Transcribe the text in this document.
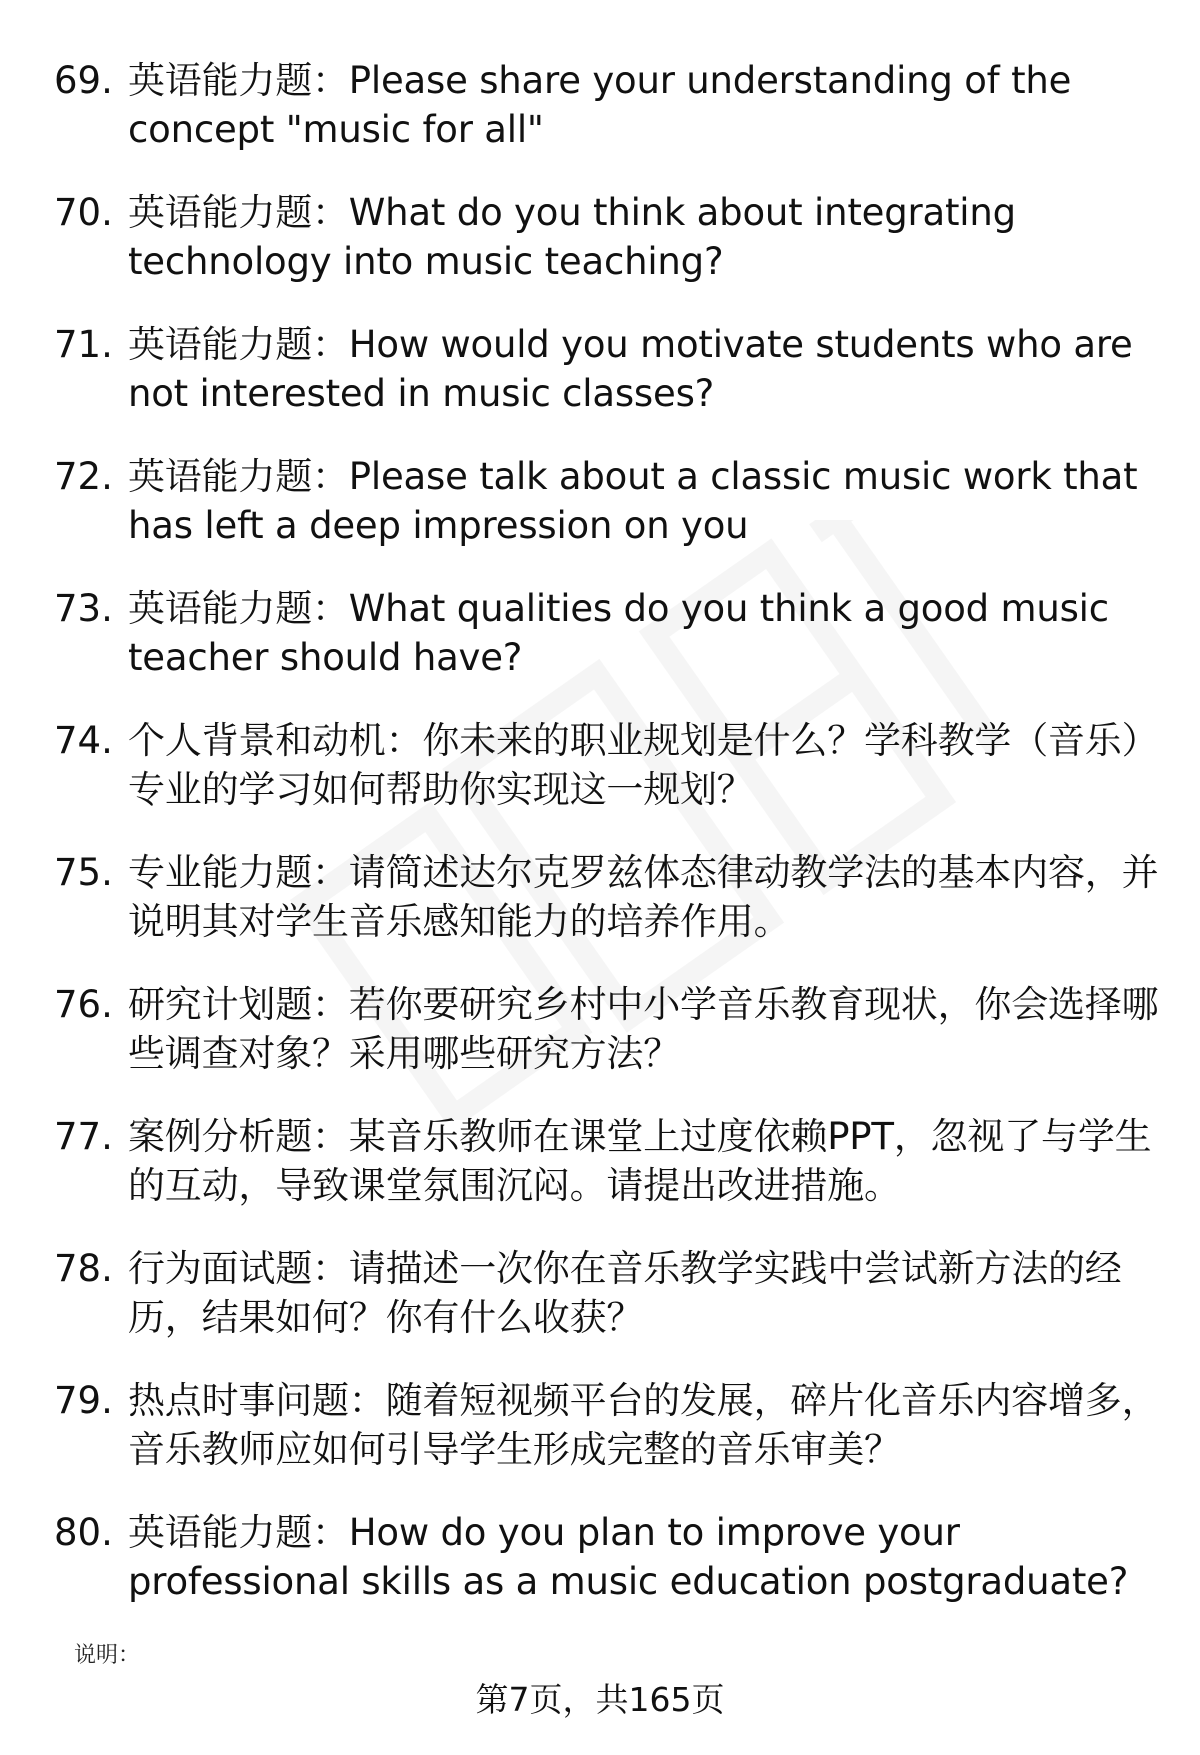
69. 英语能力题：Please share your understanding of the concept "music for all"
70. 英语能力题：What do you think about integrating technology into music teaching?
71. 英语能力题：How would you motivate students who are not interested in music classes?
72. 英语能力题：Please talk about a classic music work that has left a deep impression on you
73. 英语能力题：What qualities do you think a good music teacher should have?
74. 个人背景和动机：你未来的职业规划是什么？学科教学（音乐）专业的学习如何帮助你实现这一规划？
75. 专业能力题：请简述达尔克罗兹体态律动教学法的基本内容，并说明其对学生音乐感知能力的培养作用。
76. 研究计划题：若你要研究乡村中小学音乐教育现状，你会选择哪些调查对象？采用哪些研究方法？
77. 案例分析题：某音乐教师在课堂上过度依赖PPT，忽视了与学生的互动，导致课堂氛围沉闷。请提出改进措施。
78. 行为面试题：请描述一次你在音乐教学实践中尝试新方法的经历，结果如何？你有什么收获？
79. 热点时事问题：随着短视频平台的发展，碎片化音乐内容增多，音乐教师应如何引导学生形成完整的音乐审美？
80. 英语能力题：How do you plan to improve your professional skills as a music education postgraduate?
说明：
第7页，共165页
